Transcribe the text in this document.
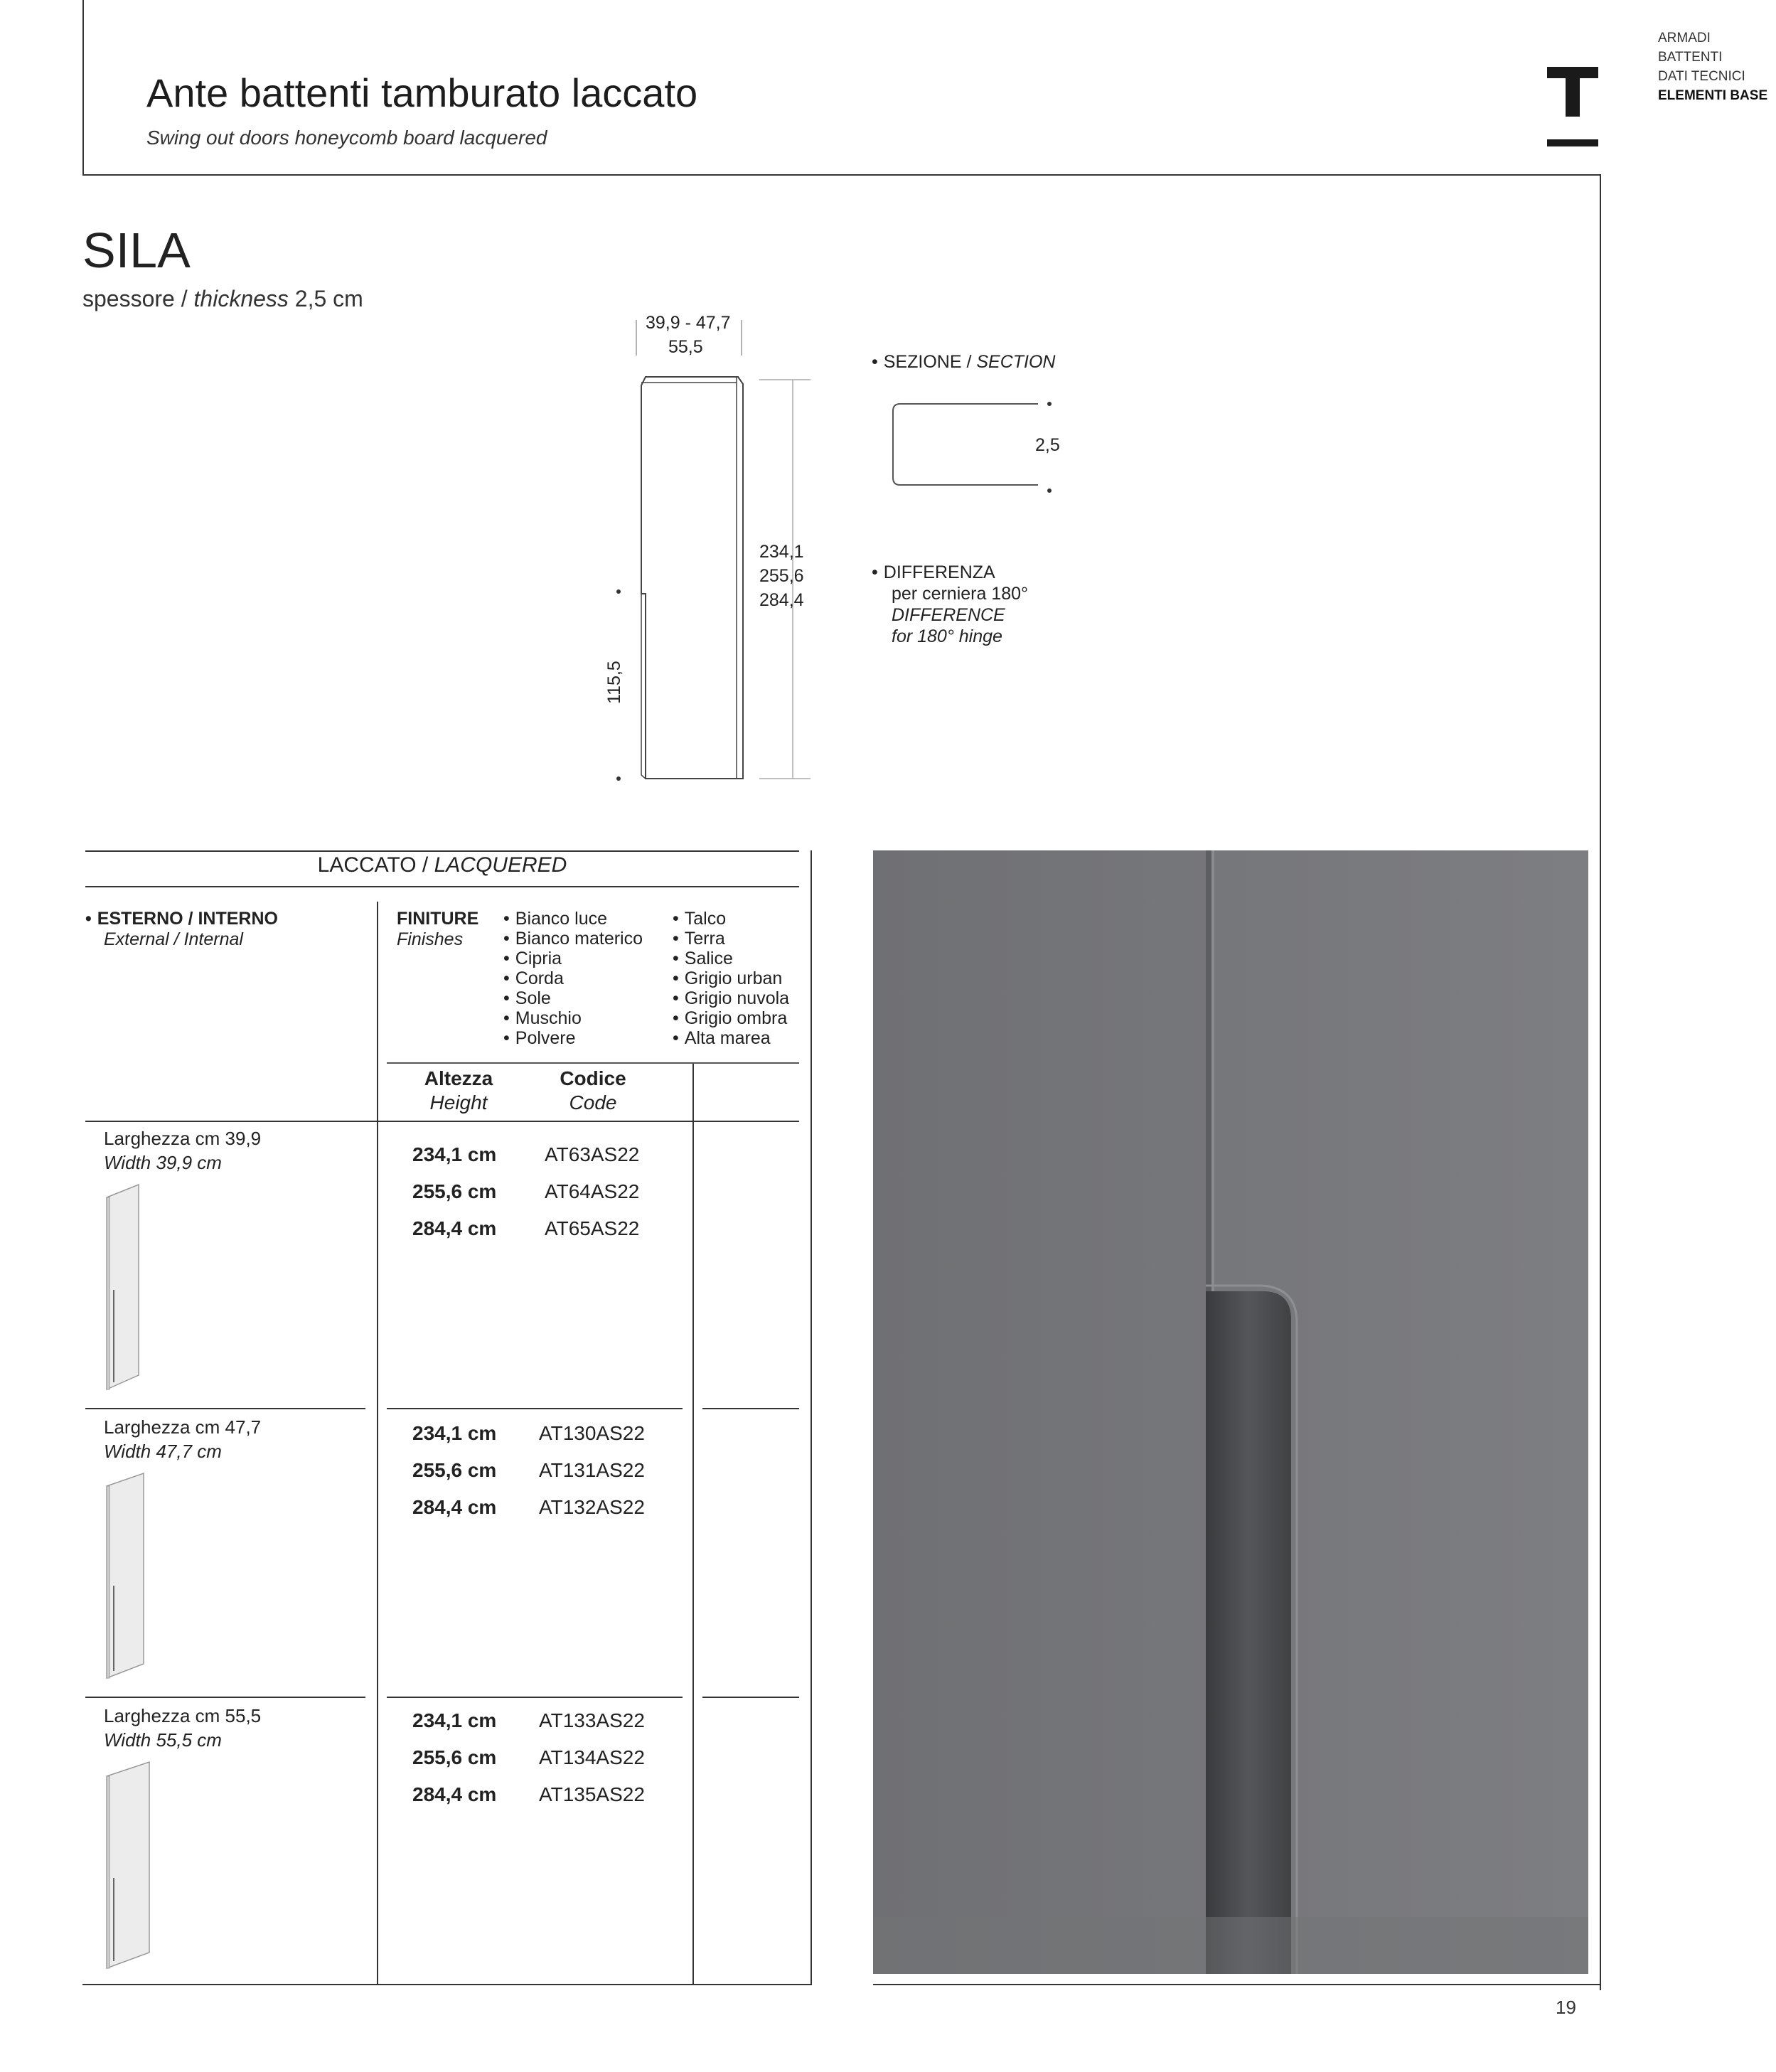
Ante battenti tamburato laccato
Swing out doors honeycomb board lacquered
ARMADI
BATTENTI
DATI TECNICI
ELEMENTI BASE
SILA
spessore / thickness 2,5 cm
39,9 - 47,7
55,5
234,1
255,6
284,4
115,5
• SEZIONE / SECTION
2,5
• DIFFERENZA
per cerniera 180°
DIFFERENCE
for 180° hinge
LACCATO / LACQUERED
• ESTERNO / INTERNO
External / Internal
FINITURE
Finishes
• Bianco luce
• Bianco materico
• Cipria
• Corda
• Sole
• Muschio
• Polvere
• Talco
• Terra
• Salice
• Grigio urban
• Grigio nuvola
• Grigio ombra
• Alta marea
Altezza
Height
Codice
Code
Larghezza cm 39,9
Width 39,9 cm	234,1 cm AT63AS22
255,6 cm AT64AS22
284,4 cm AT65AS22
Larghezza cm 47,7
Width 47,7 cm
234,1 cm AT130AS22
255,6 cm AT131AS22
284,4 cm AT132AS22
Larghezza cm 55,5
Width 55,5 cm
234,1 cm AT133AS22
255,6 cm AT134AS22
284,4 cm AT135AS22
19
